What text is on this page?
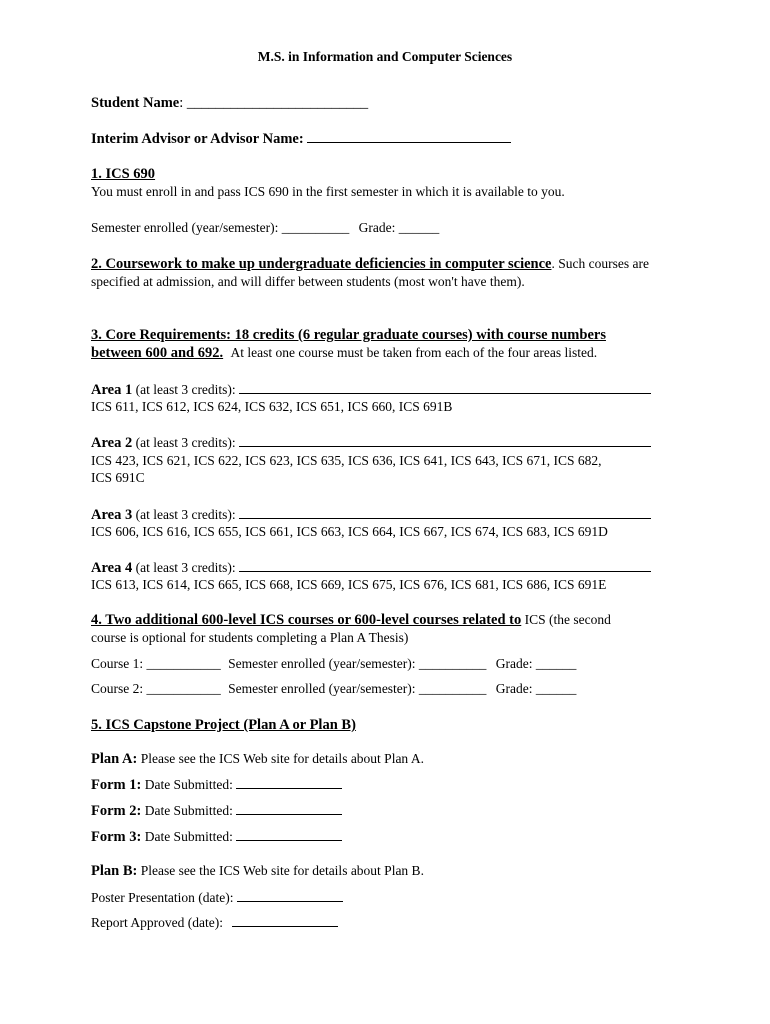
M.S. in Information and Computer Sciences
Student Name: _________________________
Interim Advisor or Advisor Name:
1. ICS 690
You must enroll in and pass ICS 690 in the first semester in which it is available to you.
Semester enrolled (year/semester): __________ Grade: ______
2. Coursework to make up undergraduate deficiencies in computer science. Such courses are
specified at admission, and will differ between students (most won't have them).
3. Core Requirements: 18 credits (6 regular graduate courses) with course numbers
between 600 and 692. At least one course must be taken from each of the four areas listed.
Area 1 (at least 3 credits):
ICS 611, ICS 612, ICS 624, ICS 632, ICS 651, ICS 660, ICS 691B
Area 2 (at least 3 credits):
ICS 423, ICS 621, ICS 622, ICS 623, ICS 635, ICS 636, ICS 641, ICS 643, ICS 671, ICS 682,
ICS 691C
Area 3 (at least 3 credits):
ICS 606, ICS 616, ICS 655, ICS 661, ICS 663, ICS 664, ICS 667, ICS 674, ICS 683, ICS 691D
Area 4 (at least 3 credits):
ICS 613, ICS 614, ICS 665, ICS 668, ICS 669, ICS 675, ICS 676, ICS 681, ICS 686, ICS 691E
4. Two additional 600-level ICS courses or 600-level courses related to ICS (the second
course is optional for students completing a Plan A Thesis)
Course 1: ___________ Semester enrolled (year/semester): __________ Grade: ______
Course 2: ___________ Semester enrolled (year/semester): __________ Grade: ______
5. ICS Capstone Project (Plan A or Plan B)
Plan A: Please see the ICS Web site for details about Plan A.
Form 1: Date Submitted:
Form 2: Date Submitted:
Form 3: Date Submitted:
Plan B: Please see the ICS Web site for details about Plan B.
Poster Presentation (date):
Report Approved (date):
